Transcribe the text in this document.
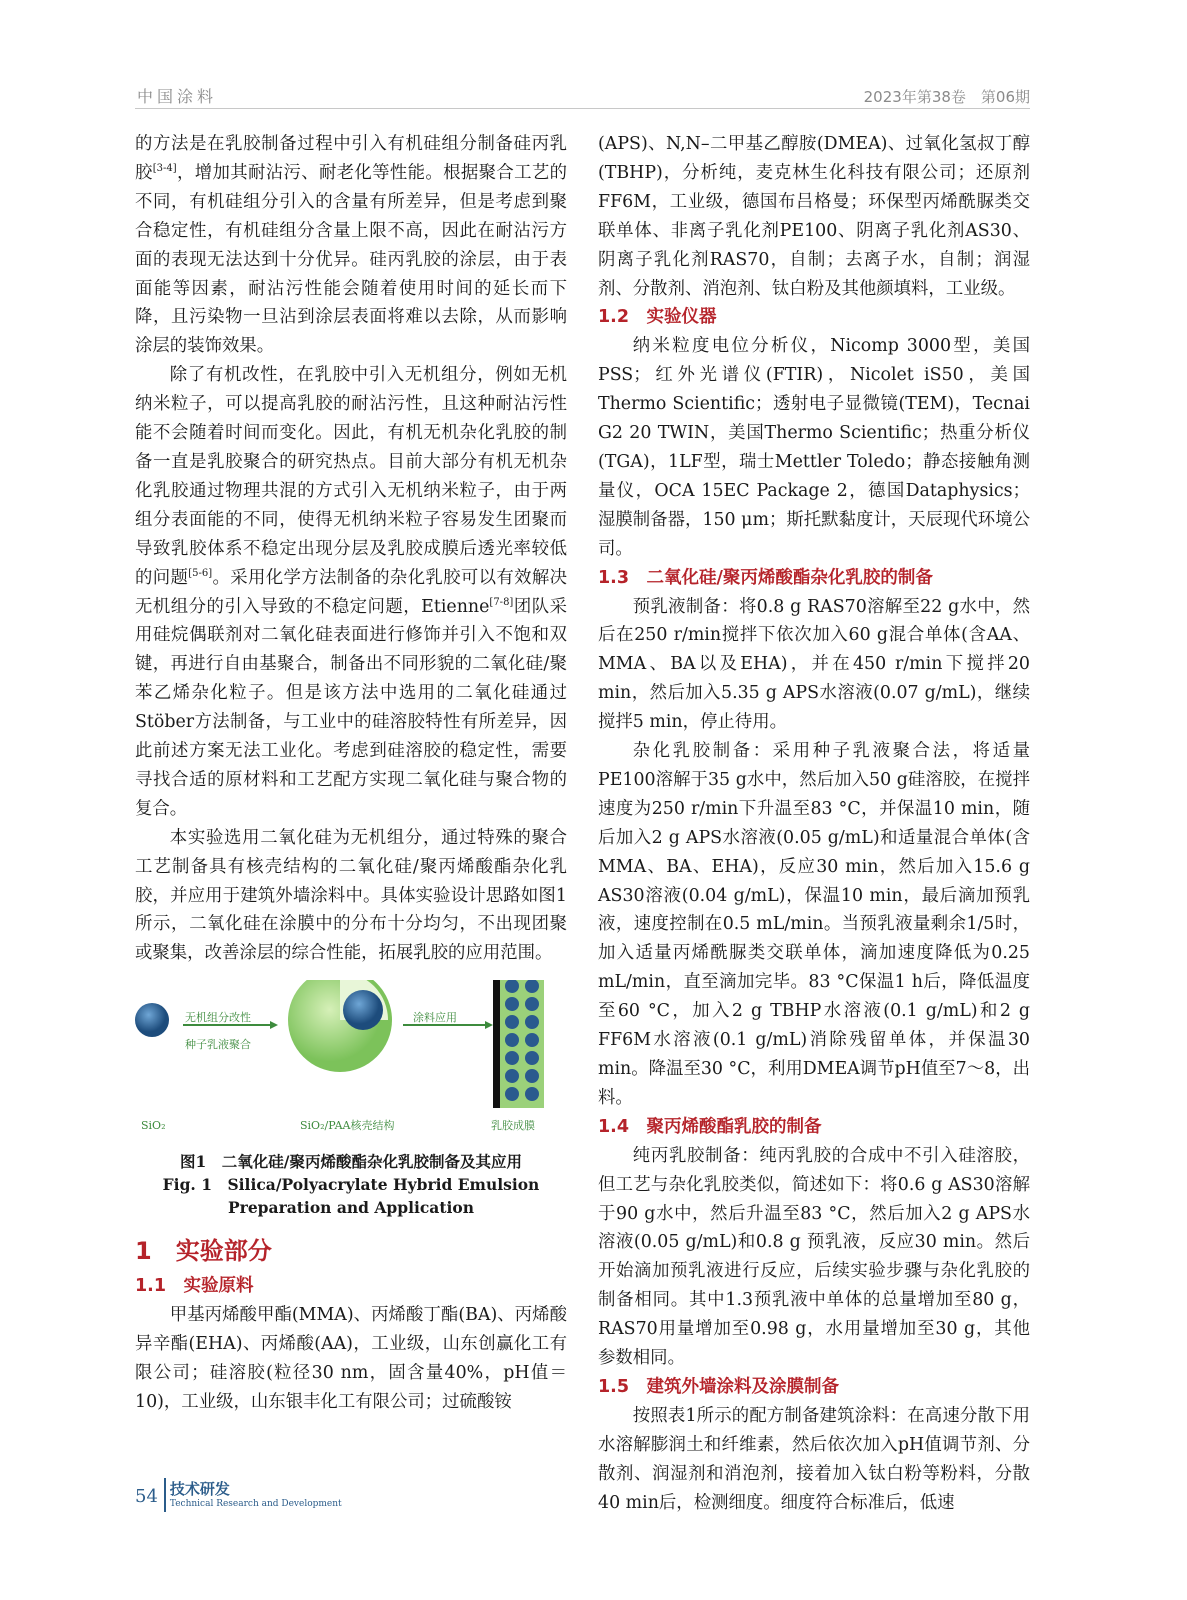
中国涂料	2023年第38卷　第06期

的方法是在乳胶制备过程中引入有机硅组分制备硅丙乳胶[3-4]，增加其耐沾污、耐老化等性能。根据聚合工艺的不同，有机硅组分引入的含量有所差异，但是考虑到聚合稳定性，有机硅组分含量上限不高，因此在耐沾污方面的表现无法达到十分优异。硅丙乳胶的涂层，由于表面能等因素，耐沾污性能会随着使用时间的延长而下降，且污染物一旦沾到涂层表面将难以去除，从而影响涂层的装饰效果。

除了有机改性，在乳胶中引入无机组分，例如无机纳米粒子，可以提高乳胶的耐沾污性，且这种耐沾污性能不会随着时间而变化。因此，有机无机杂化乳胶的制备一直是乳胶聚合的研究热点。目前大部分有机无机杂化乳胶通过物理共混的方式引入无机纳米粒子，由于两组分表面能的不同，使得无机纳米粒子容易发生团聚而导致乳胶体系不稳定出现分层及乳胶成膜后透光率较低的问题[5-6]。采用化学方法制备的杂化乳胶可以有效解决无机组分的引入导致的不稳定问题，Etienne[7-8]团队采用硅烷偶联剂对二氧化硅表面进行修饰并引入不饱和双键，再进行自由基聚合，制备出不同形貌的二氧化硅/聚苯乙烯杂化粒子。但是该方法中选用的二氧化硅通过Stöber方法制备，与工业中的硅溶胶特性有所差异，因此前述方案无法工业化。考虑到硅溶胶的稳定性，需要寻找合适的原材料和工艺配方实现二氧化硅与聚合物的复合。

本实验选用二氧化硅为无机组分，通过特殊的聚合工艺制备具有核壳结构的二氧化硅/聚丙烯酸酯杂化乳胶，并应用于建筑外墙涂料中。具体实验设计思路如图1所示，二氧化硅在涂膜中的分布十分均匀，不出现团聚或聚集，改善涂层的综合性能，拓展乳胶的应用范围。

无机组分改性
种子乳液聚合
涂料应用
SiO₂	SiO₂/PAA核壳结构	乳胶成膜
图1　二氧化硅/聚丙烯酸酯杂化乳胶制备及其应用
Fig. 1　Silica/Polyacrylate Hybrid Emulsion Preparation and Application
1　实验部分
1.1　实验原料

甲基丙烯酸甲酯(MMA)、丙烯酸丁酯(BA)、丙烯酸异辛酯(EHA)、丙烯酸(AA)，工业级，山东创赢化工有限公司；硅溶胶(粒径30 nm，固含量40%，pH值＝10)，工业级，山东银丰化工有限公司；过硫酸铵

(APS)、N,N–二甲基乙醇胺(DMEA)、过氧化氢叔丁醇(TBHP)，分析纯，麦克林生化科技有限公司；还原剂FF6M，工业级，德国布吕格曼；环保型丙烯酰脲类交联单体、非离子乳化剂PE100、阴离子乳化剂AS30、阴离子乳化剂RAS70，自制；去离子水，自制；润湿剂、分散剂、消泡剂、钛白粉及其他颜填料，工业级。

1.2　实验仪器

纳米粒度电位分析仪，Nicomp 3000型，美国PSS；红外光谱仪(FTIR)，Nicolet iS50，美国Thermo Scientific；透射电子显微镜(TEM)，Tecnai G2 20 TWIN，美国Thermo Scientific；热重分析仪(TGA)，1LF型，瑞士Mettler Toledo；静态接触角测量仪，OCA 15EC Package 2，德国Dataphysics；湿膜制备器，150 μm；斯托默黏度计，天辰现代环境公司。

1.3　二氧化硅/聚丙烯酸酯杂化乳胶的制备

预乳液制备：将0.8 g RAS70溶解至22 g水中，然后在250 r/min搅拌下依次加入60 g混合单体(含AA、MMA、BA以及EHA)，并在450 r/min下搅拌20 min，然后加入5.35 g APS水溶液(0.07 g/mL)，继续搅拌5 min，停止待用。

杂化乳胶制备：采用种子乳液聚合法，将适量PE100溶解于35 g水中，然后加入50 g硅溶胶，在搅拌速度为250 r/min下升温至83 °C，并保温10 min，随后加入2 g APS水溶液(0.05 g/mL)和适量混合单体(含MMA、BA、EHA)，反应30 min，然后加入15.6 g AS30溶液(0.04 g/mL)，保温10 min，最后滴加预乳液，速度控制在0.5 mL/min。当预乳液量剩余1/5时，加入适量丙烯酰脲类交联单体，滴加速度降低为0.25 mL/min，直至滴加完毕。83 °C保温1 h后，降低温度至60 °C，加入2 g TBHP水溶液(0.1 g/mL)和2 g FF6M水溶液(0.1 g/mL)消除残留单体，并保温30 min。降温至30 °C，利用DMEA调节pH值至7～8，出料。

1.4　聚丙烯酸酯乳胶的制备

纯丙乳胶制备：纯丙乳胶的合成中不引入硅溶胶，但工艺与杂化乳胶类似，简述如下：将0.6 g AS30溶解于90 g水中，然后升温至83 °C，然后加入2 g APS水溶液(0.05 g/mL)和0.8 g 预乳液，反应30 min。然后开始滴加预乳液进行反应，后续实验步骤与杂化乳胶的制备相同。其中1.3预乳液中单体的总量增加至80 g，RAS70用量增加至0.98 g，水用量增加至30 g，其他参数相同。

1.5　建筑外墙涂料及涂膜制备

按照表1所示的配方制备建筑涂料：在高速分散下用水溶解膨润土和纤维素，然后依次加入pH值调节剂、分散剂、润湿剂和消泡剂，接着加入钛白粉等粉料，分散40 min后，检测细度。细度符合标准后，低速

54 技术研发
Technical Research and Development
